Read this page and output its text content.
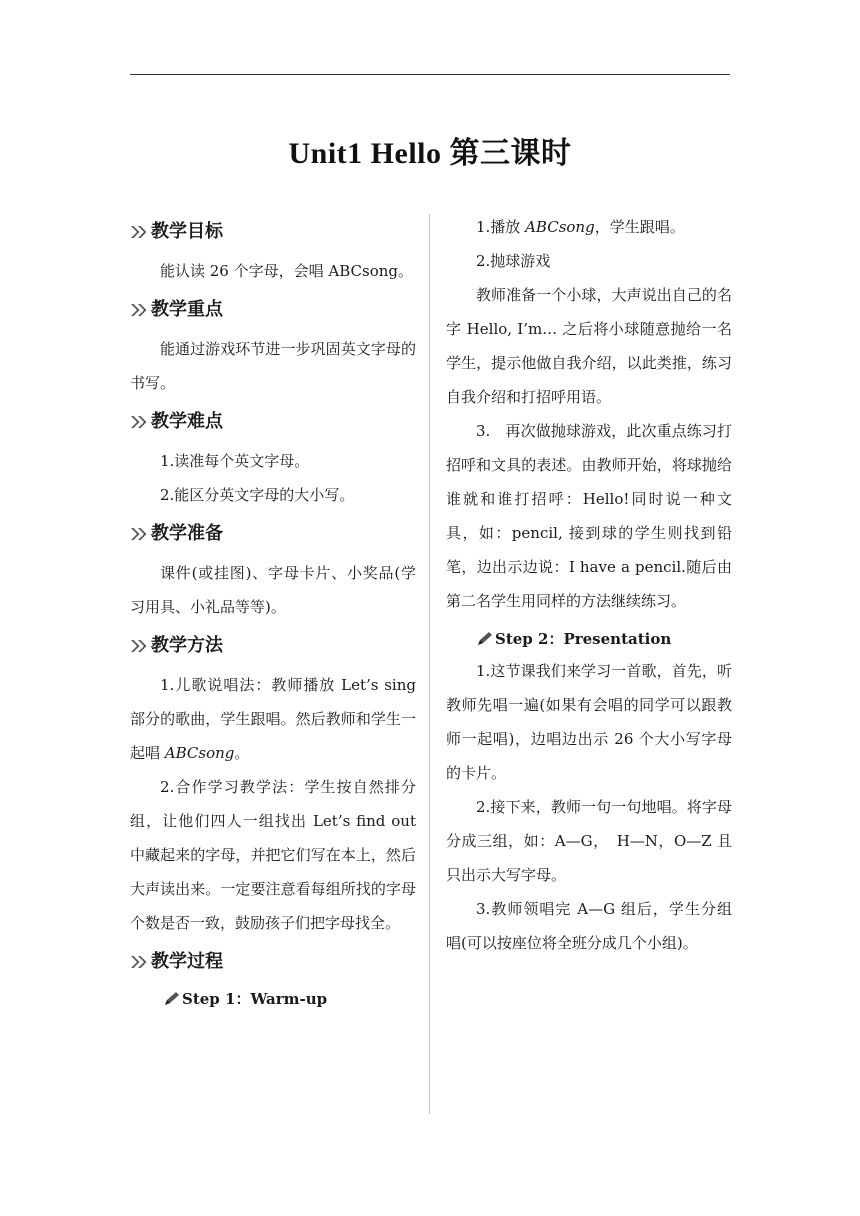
Unit1 Hello 第三课时
教学目标

能认读 26 个字母，会唱 ABCsong。

教学重点

能通过游戏环节进一步巩固英文字母的书写。

教学难点

1.读准每个英文字母。

2.能区分英文字母的大小写。

教学准备

课件(或挂图)、字母卡片、小奖品(学习用具、小礼品等等)。

教学方法

1.儿歌说唱法：教师播放 Let’s sing 部分的歌曲，学生跟唱。然后教师和学生一起唱 ABCsong。

2.合作学习教学法：学生按自然排分组，让他们四人一组找出 Let’s find out 中藏起来的字母，并把它们写在本上，然后大声读出来。一定要注意看每组所找的字母个数是否一致，鼓励孩子们把字母找全。

教学过程
Step 1：Warm-up

1.播放 ABCsong，学生跟唱。

2.抛球游戏

教师准备一个小球，大声说出自己的名字 Hello, I’m… 之后将小球随意抛给一名学生，提示他做自我介绍，以此类推，练习自我介绍和打招呼用语。

3.　再次做抛球游戏，此次重点练习打招呼和文具的表述。由教师开始，将球抛给谁就和谁打招呼：Hello!同时说一种文具，如：pencil, 接到球的学生则找到铅笔，边出示边说：I have a pencil.随后由第二名学生用同样的方法继续练习。

Step 2：Presentation

1.这节课我们来学习一首歌，首先，听教师先唱一遍(如果有会唱的同学可以跟教师一起唱)，边唱边出示 26 个大小写字母的卡片。

2.接下来，教师一句一句地唱。将字母分成三组，如：A—G，　H—N，O—Z 且只出示大写字母。

3.教师领唱完 A—G 组后，学生分组唱(可以按座位将全班分成几个小组)。
